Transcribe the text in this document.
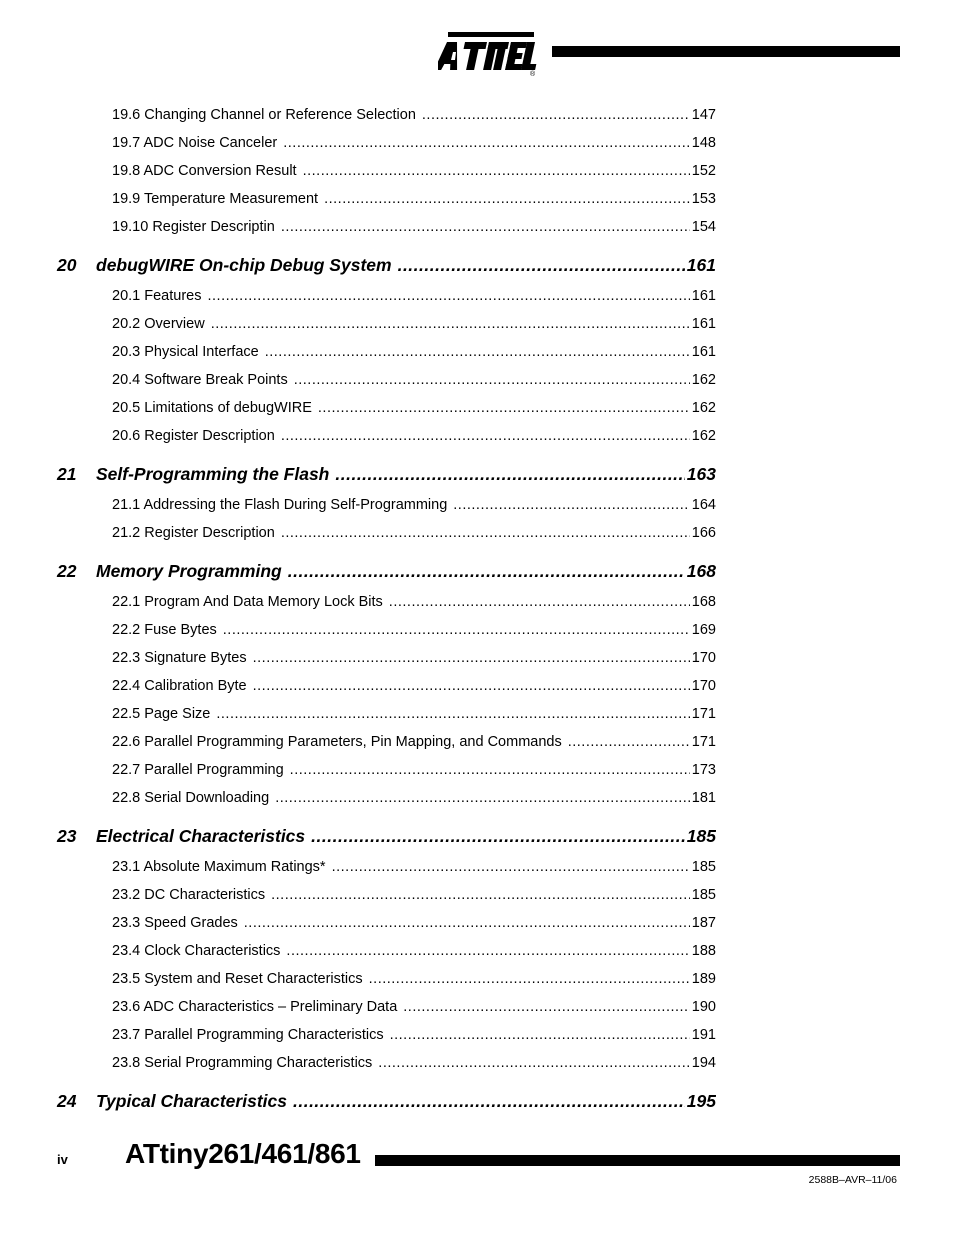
®
19.6 Changing Channel or Reference Selection .....	147
19.7 ADC Noise Canceler .....	148
19.8 ADC Conversion Result .....	152
19.9 Temperature Measurement .....	153
19.10 Register Descriptin .....	154
20 debugWIRE On-chip Debug System .....	161
20.1 Features .....	161
20.2 Overview .....	161
20.3 Physical Interface .....	161
20.4 Software Break Points .....	162
20.5 Limitations of debugWIRE .....	162
20.6 Register Description .....	162
21 Self-Programming the Flash .....	163
21.1 Addressing the Flash During Self-Programming .....	164
21.2 Register Description .....	166
22 Memory Programming .....	168
22.1 Program And Data Memory Lock Bits .....	168
22.2 Fuse Bytes .....	169
22.3 Signature Bytes .....	170
22.4 Calibration Byte .....	170
22.5 Page Size .....	171
22.6 Parallel Programming Parameters, Pin Mapping, and Commands .....	171
22.7 Parallel Programming .....	173
22.8 Serial Downloading .....	181
23 Electrical Characteristics .....	185
23.1 Absolute Maximum Ratings* .....	185
23.2 DC Characteristics .....	185
23.3 Speed Grades .....	187
23.4 Clock Characteristics .....	188
23.5 System and Reset Characteristics .....	189
23.6 ADC Characteristics – Preliminary Data .....	190
23.7 Parallel Programming Characteristics .....	191
23.8 Serial Programming Characteristics .....	194
24 Typical Characteristics .....	195
iv ATtiny261/461/861
2588B–AVR–11/06
